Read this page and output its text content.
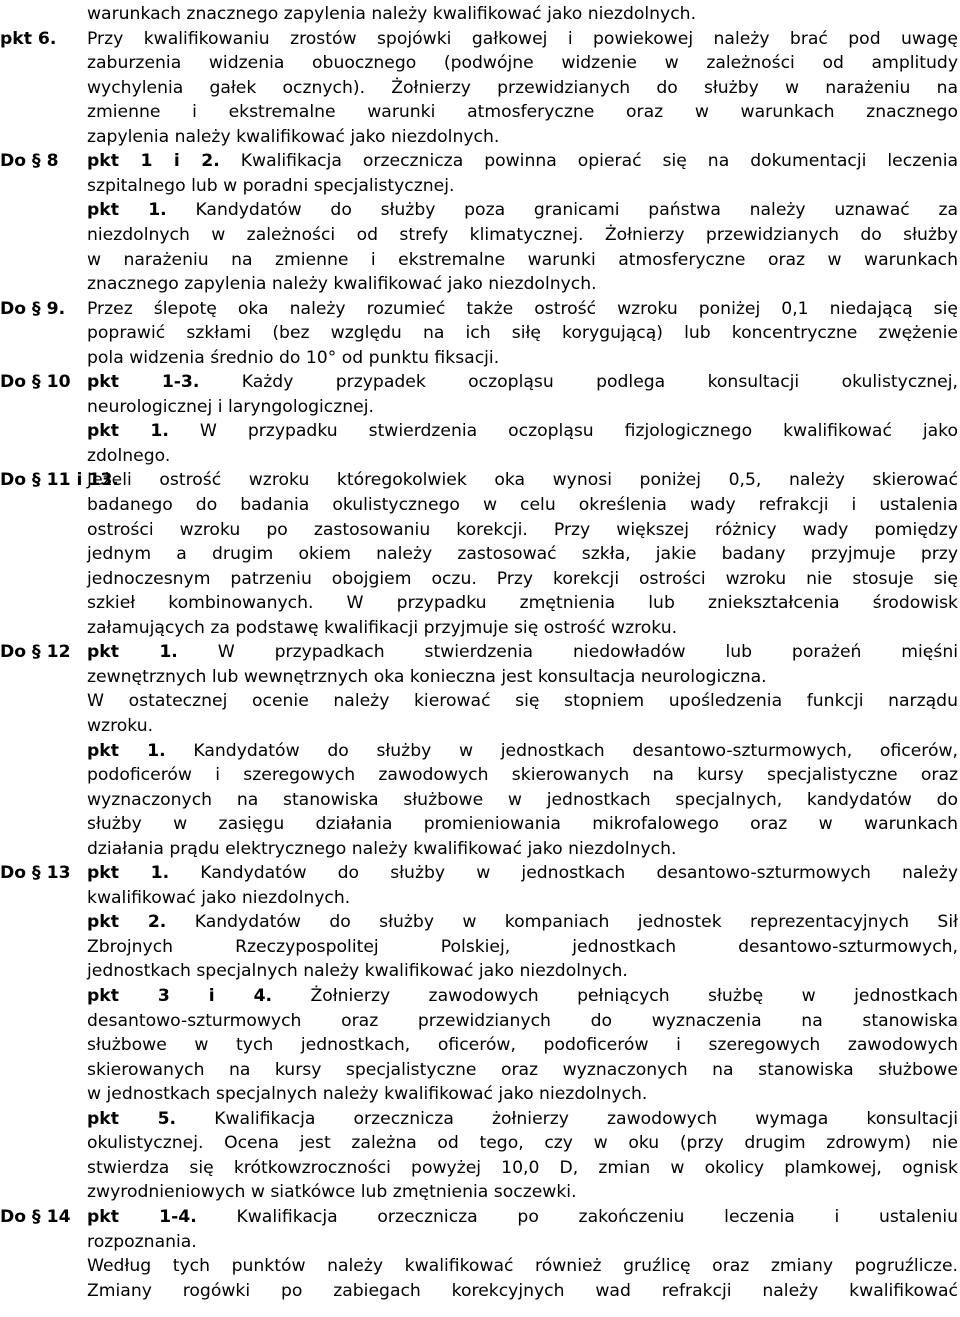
warunkach znacznego zapylenia należy kwalifikować jako niezdolnych.
pkt 6. Przy kwalifikowaniu zrostów spojówki gałkowej i powiekowej należy brać pod uwagę
zaburzenia widzenia obuocznego (podwójne widzenie w zależności od amplitudy
wychylenia gałek ocznych). Żołnierzy przewidzianych do służby w narażeniu na
zmienne i ekstremalne warunki atmosferyczne oraz w warunkach znacznego
zapylenia należy kwalifikować jako niezdolnych.
Do § 8 pkt 1 i 2. Kwalifikacja orzecznicza powinna opierać się na dokumentacji leczenia
szpitalnego lub w poradni specjalistycznej.
pkt 1. Kandydatów do służby poza granicami państwa należy uznawać za
niezdolnych w zależności od strefy klimatycznej. Żołnierzy przewidzianych do służby
w narażeniu na zmienne i ekstremalne warunki atmosferyczne oraz w warunkach
znacznego zapylenia należy kwalifikować jako niezdolnych.
Do § 9. Przez ślepotę oka należy rozumieć także ostrość wzroku poniżej 0,1 niedającą się
poprawić szkłami (bez względu na ich siłę korygującą) lub koncentryczne zwężenie
pola widzenia średnio do 10° od punktu fiksacji.
Do § 10 pkt 1-3. Każdy przypadek oczopląsu podlega konsultacji okulistycznej,
neurologicznej i laryngologicznej.
pkt 1. W przypadku stwierdzenia oczopląsu fizjologicznego kwalifikować jako
zdolnego.
Do § 11 i 13.
Jeżeli ostrość wzroku któregokolwiek oka wynosi poniżej 0,5, należy skierować
badanego do badania okulistycznego w celu określenia wady refrakcji i ustalenia
ostrości wzroku po zastosowaniu korekcji. Przy większej różnicy wady pomiędzy
jednym a drugim okiem należy zastosować szkła, jakie badany przyjmuje przy
jednoczesnym patrzeniu obojgiem oczu. Przy korekcji ostrości wzroku nie stosuje się
szkieł kombinowanych. W przypadku zmętnienia lub zniekształcenia środowisk
załamujących za podstawę kwalifikacji przyjmuje się ostrość wzroku.
Do § 12 pkt 1. W przypadkach stwierdzenia niedowładów lub porażeń mięśni
zewnętrznych lub wewnętrznych oka konieczna jest konsultacja neurologiczna.
W ostatecznej ocenie należy kierować się stopniem upośledzenia funkcji narządu
wzroku.
pkt 1. Kandydatów do służby w jednostkach desantowo-szturmowych, oficerów,
podoficerów i szeregowych zawodowych skierowanych na kursy specjalistyczne oraz
wyznaczonych na stanowiska służbowe w jednostkach specjalnych, kandydatów do
służby w zasięgu działania promieniowania mikrofalowego oraz w warunkach
działania prądu elektrycznego należy kwalifikować jako niezdolnych.
Do § 13 pkt 1. Kandydatów do służby w jednostkach desantowo-szturmowych należy
kwalifikować jako niezdolnych.
pkt 2. Kandydatów do służby w kompaniach jednostek reprezentacyjnych Sił
Zbrojnych Rzeczypospolitej Polskiej, jednostkach desantowo-szturmowych,
jednostkach specjalnych należy kwalifikować jako niezdolnych.
pkt 3 i 4. Żołnierzy zawodowych pełniących służbę w jednostkach
desantowo-szturmowych oraz przewidzianych do wyznaczenia na stanowiska
służbowe w tych jednostkach, oficerów, podoficerów i szeregowych zawodowych
skierowanych na kursy specjalistyczne oraz wyznaczonych na stanowiska służbowe
w jednostkach specjalnych należy kwalifikować jako niezdolnych.
pkt 5. Kwalifikacja orzecznicza żołnierzy zawodowych wymaga konsultacji
okulistycznej. Ocena jest zależna od tego, czy w oku (przy drugim zdrowym) nie
stwierdza się krótkowzroczności powyżej 10,0 D, zmian w okolicy plamkowej, ognisk
zwyrodnieniowych w siatkówce lub zmętnienia soczewki.
Do § 14 pkt 1-4. Kwalifikacja orzecznicza po zakończeniu leczenia i ustaleniu
rozpoznania.
Według tych punktów należy kwalifikować również gruźlicę oraz zmiany pogruźlicze.
Zmiany rogówki po zabiegach korekcyjnych wad refrakcji należy kwalifikować
